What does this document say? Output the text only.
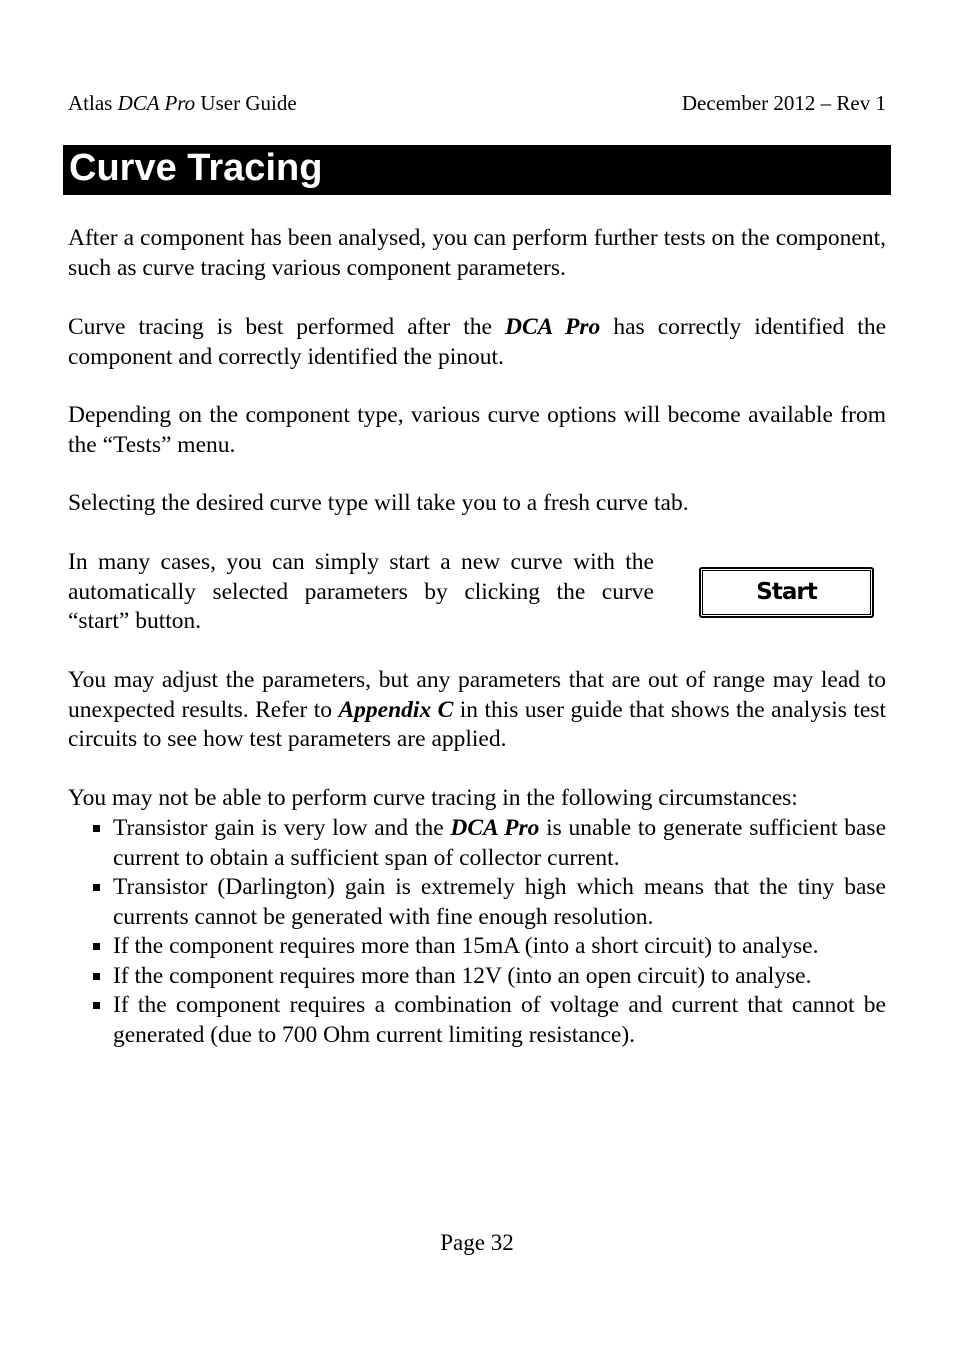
Atlas DCA Pro User Guide	December 2012 – Rev 1
Curve Tracing

After a component has been analysed, you can perform further tests on the component, such as curve tracing various component parameters.

Curve tracing is best performed after the DCA Pro has correctly identified the component and correctly identified the pinout.

Depending on the component type, various curve options will become available from the “Tests” menu.

Selecting the desired curve type will take you to a fresh curve tab.

In many cases, you can simply start a new curve with the automatically selected parameters by clicking the curve “start” button.

Start

You may adjust the parameters, but any parameters that are out of range may lead to unexpected results. Refer to Appendix C in this user guide that shows the analysis test circuits to see how test parameters are applied.

You may not be able to perform curve tracing in the following circumstances:

Transistor gain is very low and the DCA Pro is unable to generate sufficient base current to obtain a sufficient span of collector current.
Transistor (Darlington) gain is extremely high which means that the tiny base currents cannot be generated with fine enough resolution.
If the component requires more than 15mA (into a short circuit) to analyse.
If the component requires more than 12V (into an open circuit) to analyse.
If the component requires a combination of voltage and current that cannot be generated (due to 700 Ohm current limiting resistance).
Page 32
